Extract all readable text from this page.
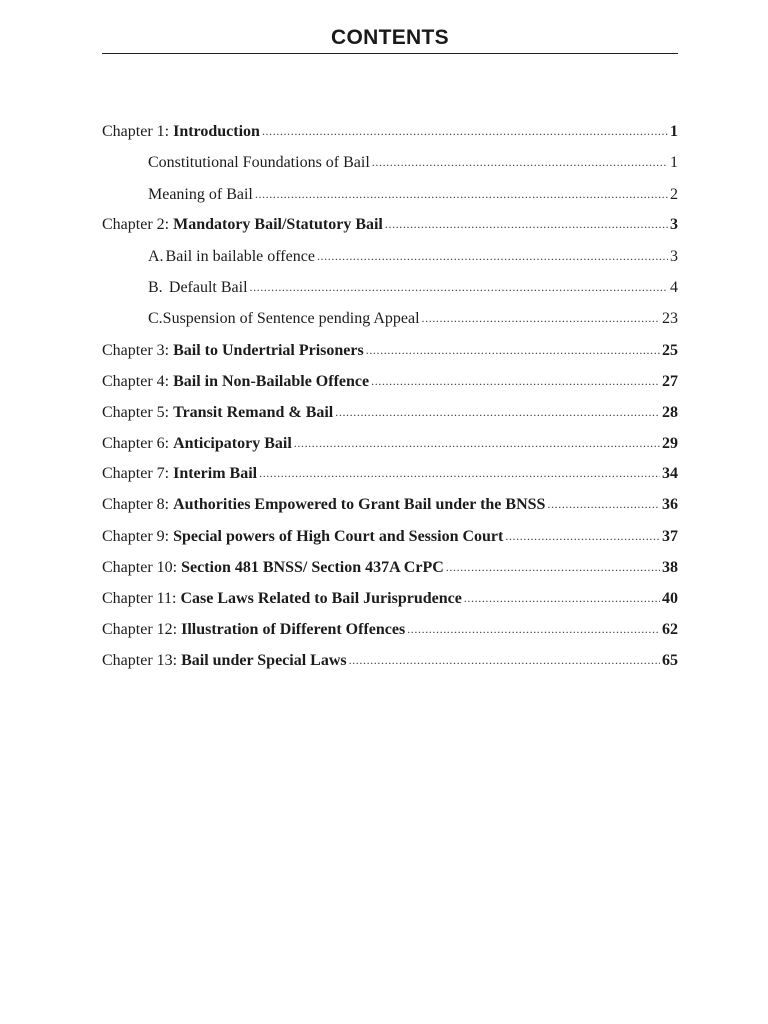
CONTENTS
Chapter 1: Introduction .....	1
Constitutional Foundations of Bail .....	1
Meaning of Bail .....	2
Chapter 2: Mandatory Bail/Statutory Bail .....	3
A. Bail in bailable offence .....	3
B. Default Bail .....	4
C. Suspension of Sentence pending Appeal .....	23
Chapter 3: Bail to Undertrial Prisoners .....	25
Chapter 4: Bail in Non-Bailable Offence .....	27
Chapter 5: Transit Remand & Bail .....	28
Chapter 6: Anticipatory Bail .....	29
Chapter 7: Interim Bail .....	34
Chapter 8: Authorities Empowered to Grant Bail under the BNSS .....	36
Chapter 9: Special powers of High Court and Session Court .....	37
Chapter 10: Section 481 BNSS/ Section 437A CrPC .....	38
Chapter 11: Case Laws Related to Bail Jurisprudence .....	40
Chapter 12: Illustration of Different Offences .....	62
Chapter 13: Bail under Special Laws .....	65
